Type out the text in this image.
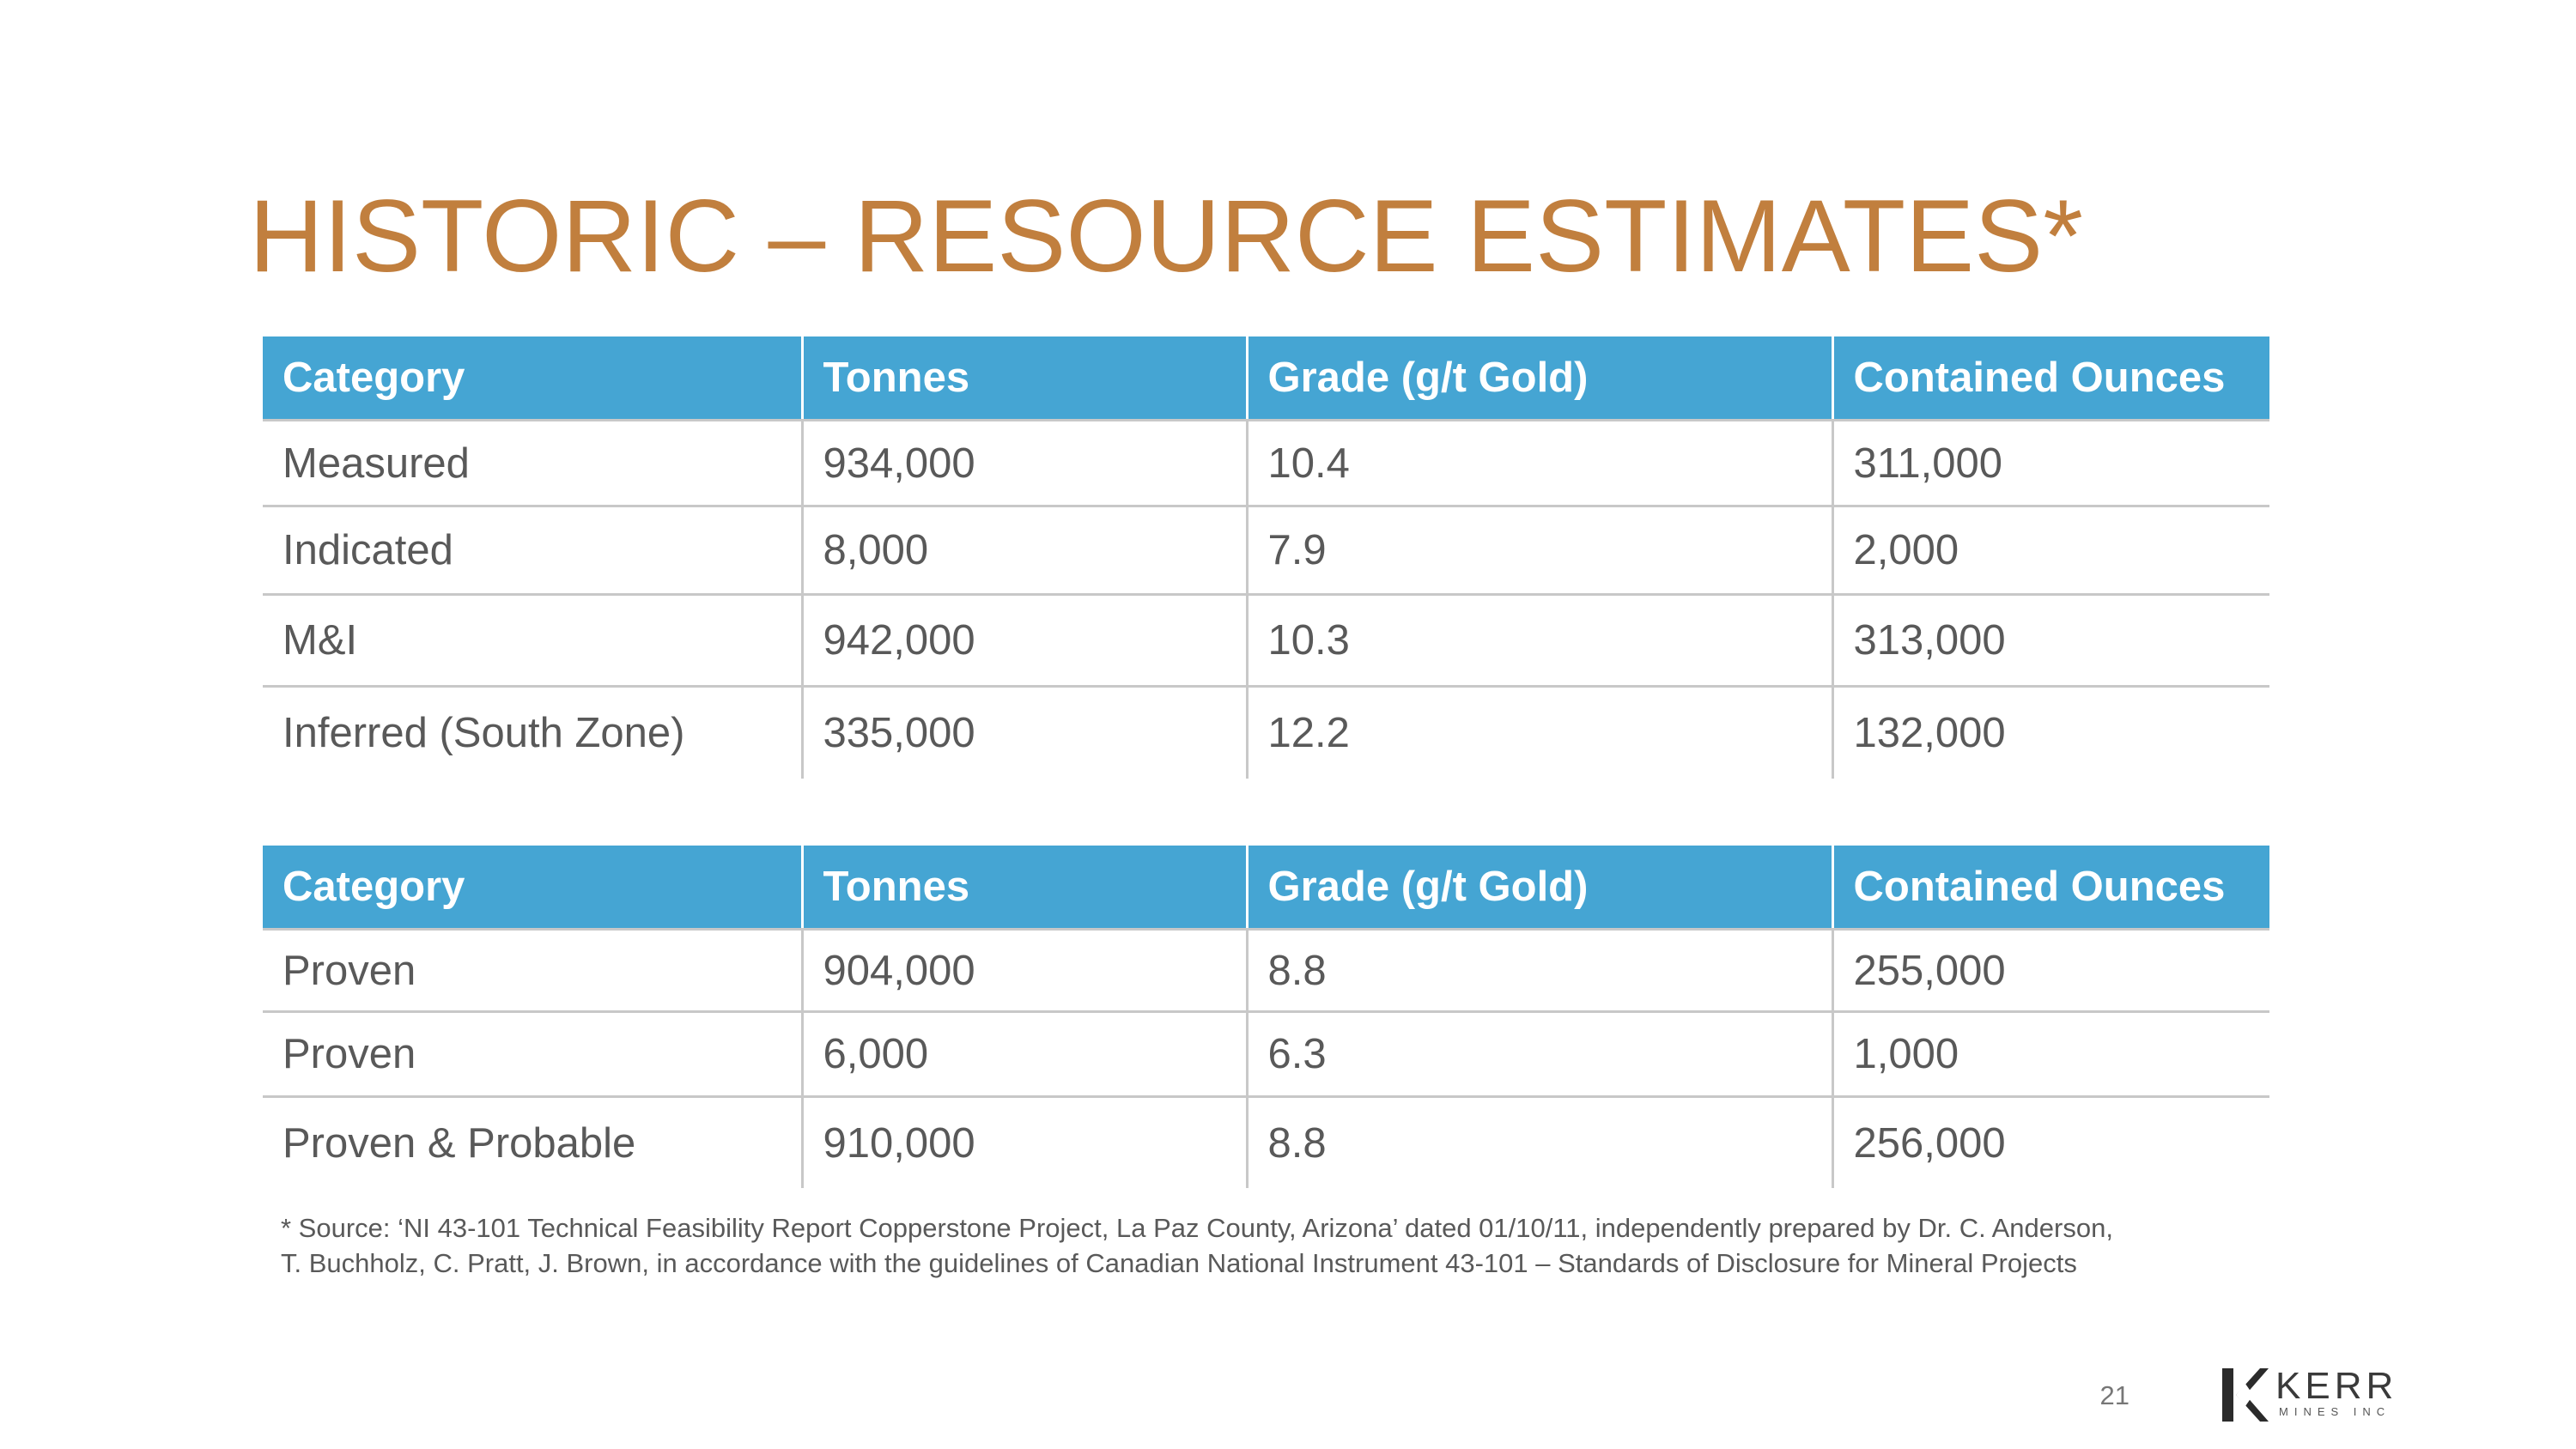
HISTORIC – RESOURCE ESTIMATES*
Category	Tonnes	Grade (g/t Gold)	Contained Ounces
Measured	934,000	10.4	311,000
Indicated	8,000	7.9	2,000
M&I	942,000	10.3	313,000
Inferred (South Zone)	335,000	12.2	132,000
Category	Tonnes	Grade (g/t Gold)	Contained Ounces
Proven	904,000	8.8	255,000
Proven	6,000	6.3	1,000
Proven & Probable	910,000	8.8	256,000
* Source: ‘NI 43-101 Technical Feasibility Report Copperstone Project, La Paz County, Arizona’ dated 01/10/11, independently prepared by Dr. C. Anderson,
T. Buchholz, C. Pratt, J. Brown, in accordance with the guidelines of Canadian National Instrument 43-101 – Standards of Disclosure for Mineral Projects
21	KERR
MINES INC
